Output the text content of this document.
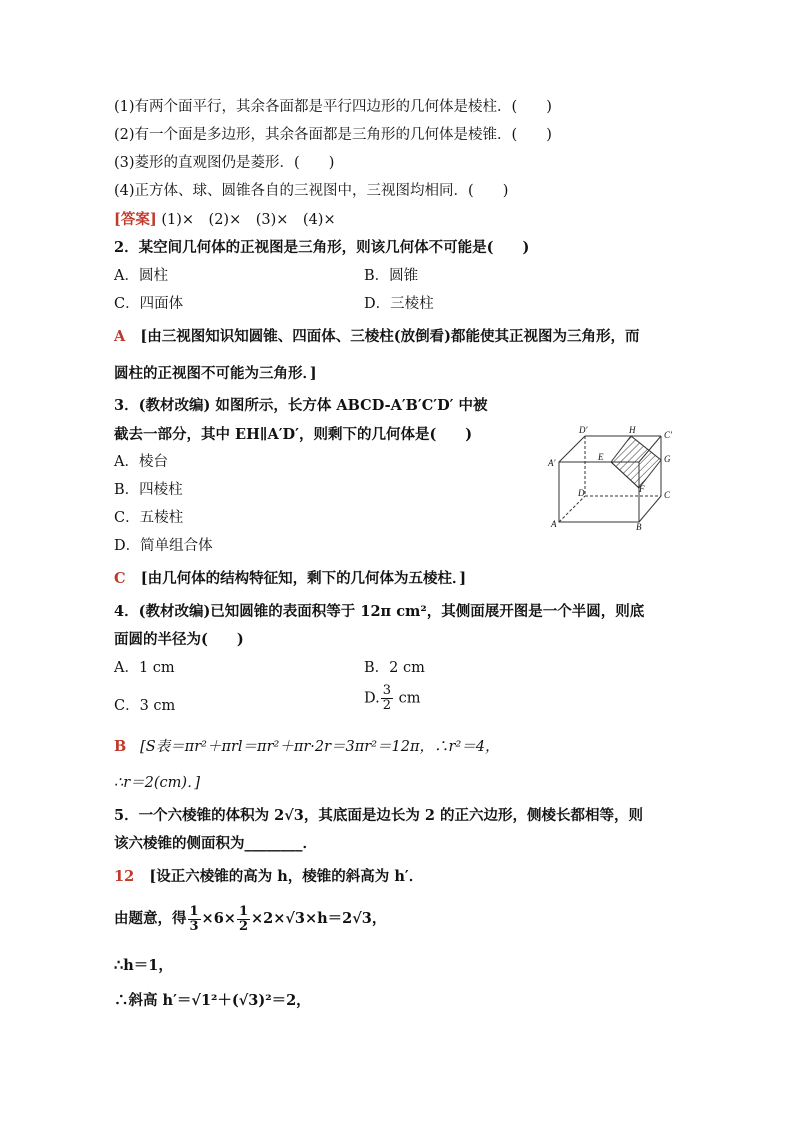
(1)有两个面平行，其余各面都是平行四边形的几何体是棱柱．(　　)
(2)有一个面是多边形，其余各面都是三角形的几何体是棱锥．(　　)
(3)菱形的直观图仍是菱形．(　　)
(4)正方体、球、圆锥各自的三视图中，三视图均相同．(　　)
[答案] (1)×　(2)×　(3)×　(4)×
2．某空间几何体的正视图是三角形，则该几何体不可能是(　　)
A．圆柱	B．圆锥
C．四面体	D．三棱柱
A [由三视图知识知圆锥、四面体、三棱柱(放倒看)都能使其正视图为三角形，而
圆柱的正视图不可能为三角形．]
3．(教材改编) 如图所示，长方体 ABCD-A′B′C′D′ 中被
截去一部分，其中 EH∥A′D′，则剩下的几何体是(　　)
A．棱台
B．四棱柱
C．五棱柱
D．简单组合体
C [由几何体的结构特征知，剩下的几何体为五棱柱．]
D′	H	C′
A′
E	G
D	F
C
A	B
4．(教材改编)已知圆锥的表面积等于 12π cm²，其侧面展开图是一个半圆，则底
面圆的半径为(　　)
A．1 cm	B．2 cm
C．3 cm	D. $\frac{3}{2}$ cm
B [S表＝πr²＋πrl＝πr²＋πr·2r＝3πr²＝12π，∴r²＝4，
∴r＝2(cm)．]
5．一个六棱锥的体积为 2√3，其底面是边长为 2 的正六边形，侧棱长都相等，则
该六棱锥的侧面积为________．
12 [设正六棱锥的高为 h，棱锥的斜高为 h′．
由题意，得 $\frac{1}{3} \times 6\times \frac{1}{2} \times 2\times√3\times h=2√3$，
∴h＝1，
∴斜高 h′＝√1²＋(√3)²＝2，
